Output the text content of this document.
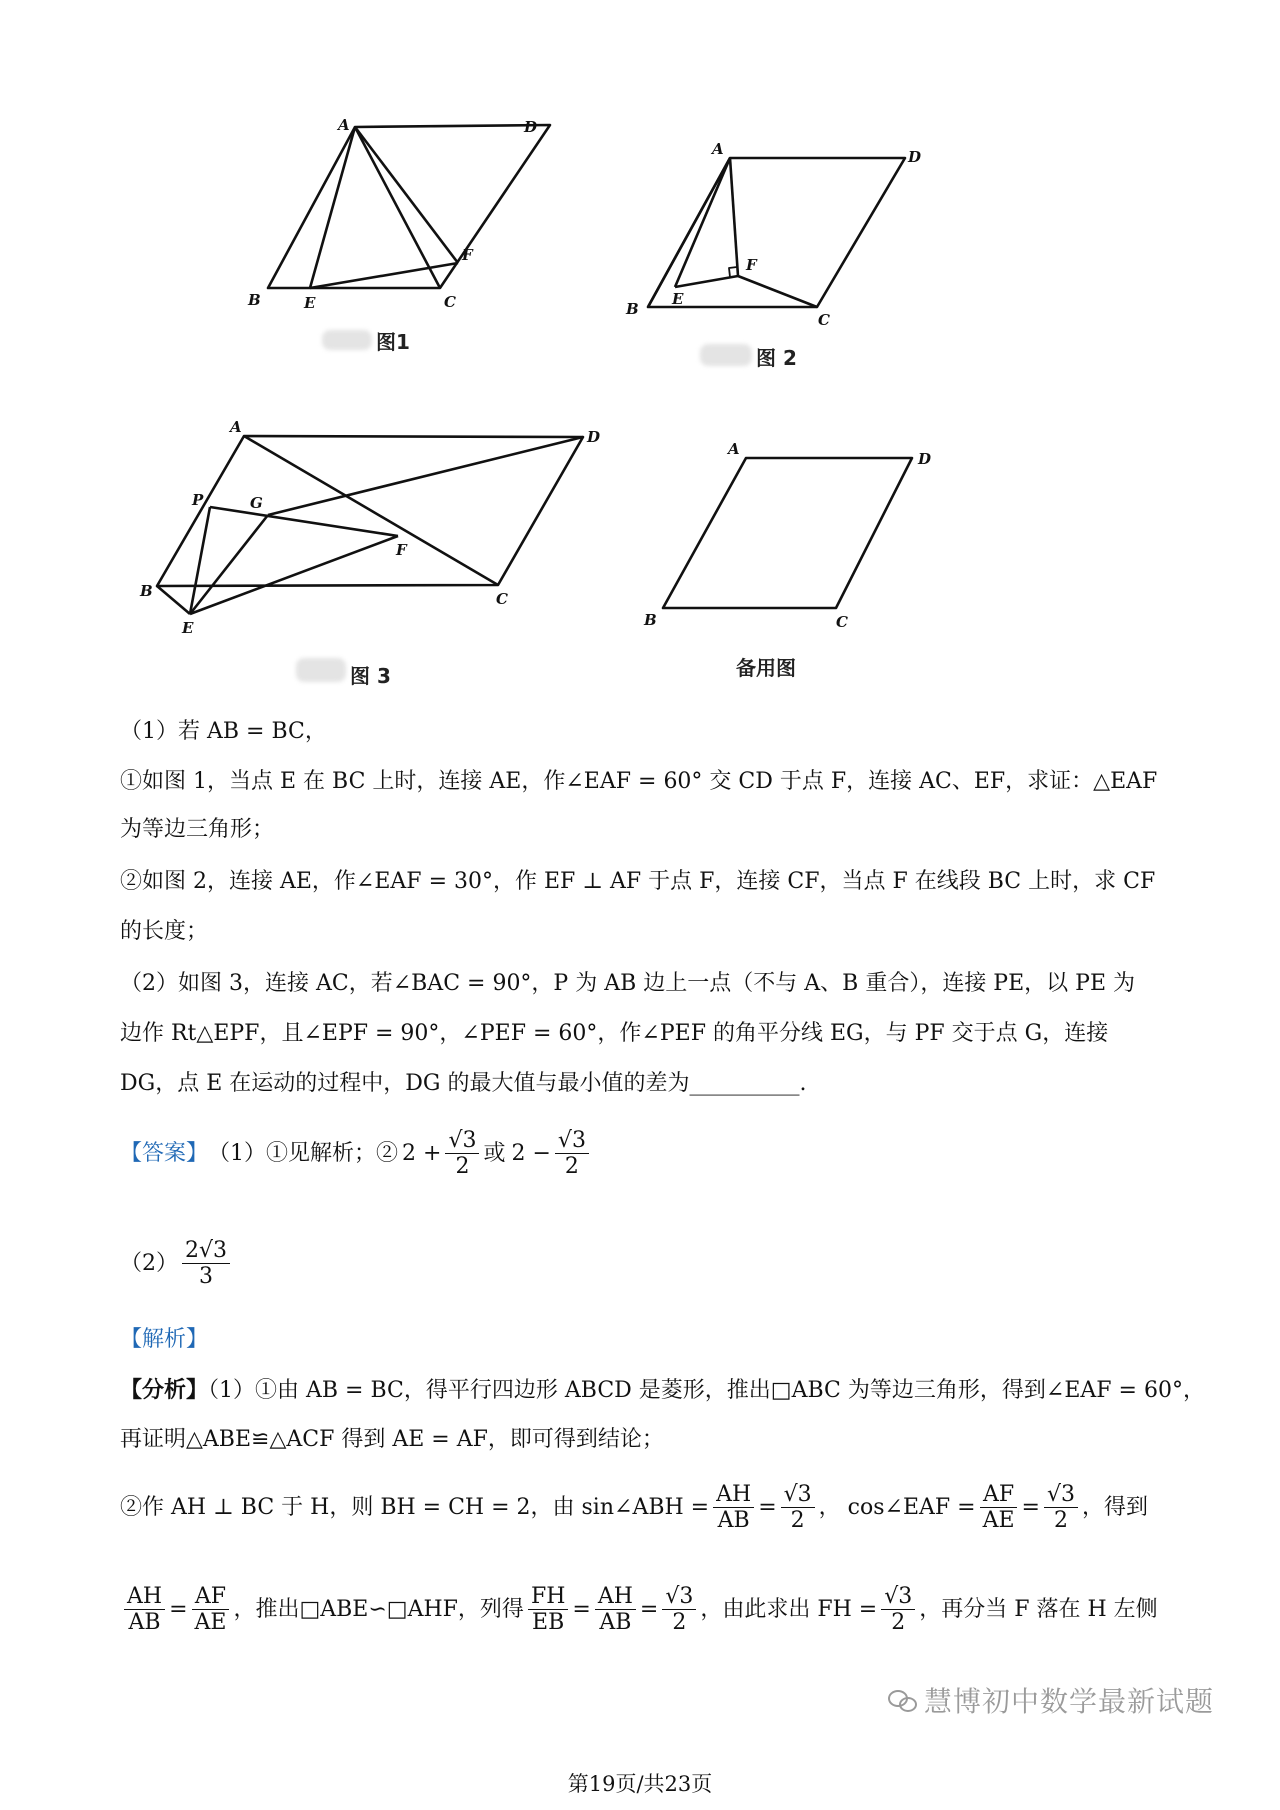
A	D
B	E	C
F
图1
A	D
B
E
F
C
图 2
A
D
P	G
F
B	C
E
图 3
A
D
B	C
备用图
（1）若 AB = BC，
①如图 1，当点 E 在 BC 上时，连接 AE，作∠EAF = 60° 交 CD 于点 F，连接 AC、EF，求证：△EAF
为等边三角形；
②如图 2，连接 AE，作∠EAF = 30°，作 EF ⊥ AF 于点 F，连接 CF，当点 F 在线段 BC 上时，求 CF
的长度；
（2）如图 3，连接 AC，若∠BAC = 90°，P 为 AB 边上一点（不与 A、B 重合），连接 PE，以 PE 为
边作 Rt△EPF，且∠EPF = 90°，∠PEF = 60°，作∠PEF 的角平分线 EG，与 PF 交于点 G，连接
DG，点 E 在运动的过程中，DG 的最大值与最小值的差为__________.
【答案】 （1）①见解析；② $2 + \frac{√3}{2}$ 或 $2 - \frac{√3}{2}$
$(2) \frac{2√3}{3}$
【解析】
【分析】（1）①由 AB = BC，得平行四边形 ABCD 是菱形，推出□ABC 为等边三角形，得到∠EAF = 60°，
再证明△ABE≌△ACF 得到 AE = AF，即可得到结论；
②作 AH ⊥ BC 于 H，则 BH = CH = 2，由 sin∠ABH = $\frac{AH}{AB} = \frac{√3}{2}$ ， cos∠EAF = $\frac{AF}{AE} = \frac{√3}{2}$ ，得到
$\frac{AH}{AB} = \frac{AF}{AE}$ ，推出□ABE∽□AHF，列得 $\frac{FH}{EB} = \frac{AH}{AB} = \frac{√3}{2}$ ，由此求出 FH = $\frac{√3}{2}$ ，再分当 F 落在 H 左侧
慧博初中数学最新试题
第19页/共23页
